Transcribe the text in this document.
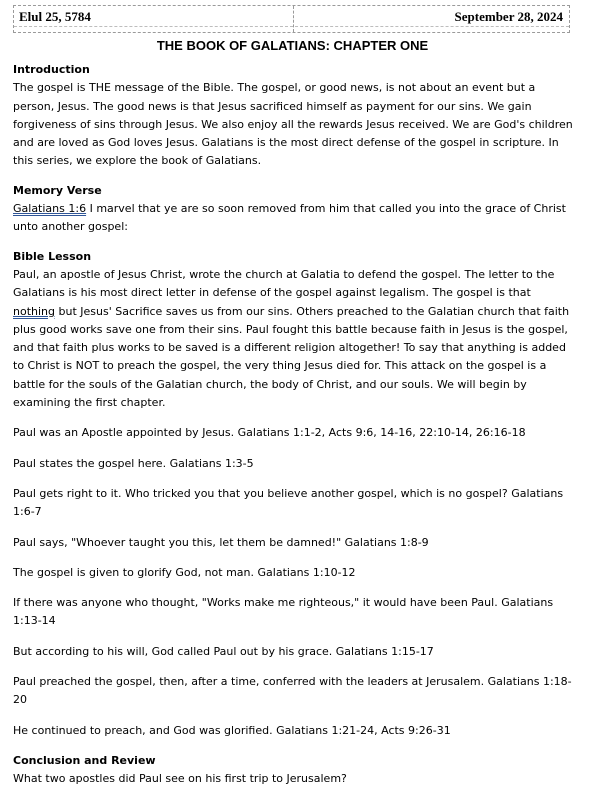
Elul 25, 5784	September 28, 2024
THE BOOK OF GALATIANS: CHAPTER ONE

Introduction

The gospel is THE message of the Bible. The gospel, or good news, is not about an event but a person, Jesus. The good news is that Jesus sacrificed himself as payment for our sins. We gain forgiveness of sins through Jesus. We also enjoy all the rewards Jesus received. We are God's children and are loved as God loves Jesus. Galatians is the most direct defense of the gospel in scripture. In this series, we explore the book of Galatians.

Memory Verse

Galatians 1:6 I marvel that ye are so soon removed from him that called you into the grace of Christ unto another gospel:

Bible Lesson

Paul, an apostle of Jesus Christ, wrote the church at Galatia to defend the gospel. The letter to the Galatians is his most direct letter in defense of the gospel against legalism. The gospel is that nothing but Jesus' Sacrifice saves us from our sins. Others preached to the Galatian church that faith plus good works save one from their sins. Paul fought this battle because faith in Jesus is the gospel, and that faith plus works to be saved is a different religion altogether! To say that anything is added to Christ is NOT to preach the gospel, the very thing Jesus died for. This attack on the gospel is a battle for the souls of the Galatian church, the body of Christ, and our souls. We will begin by examining the first chapter.

Paul was an Apostle appointed by Jesus. Galatians 1:1-2, Acts 9:6, 14-16, 22:10-14, 26:16-18

Paul states the gospel here. Galatians 1:3-5

Paul gets right to it. Who tricked you that you believe another gospel, which is no gospel? Galatians 1:6-7

Paul says, "Whoever taught you this, let them be damned!" Galatians 1:8-9

The gospel is given to glorify God, not man. Galatians 1:10-12

If there was anyone who thought, "Works make me righteous," it would have been Paul. Galatians 1:13-14

But according to his will, God called Paul out by his grace. Galatians 1:15-17

Paul preached the gospel, then, after a time, conferred with the leaders at Jerusalem. Galatians 1:18-20

He continued to preach, and God was glorified. Galatians 1:21-24, Acts 9:26-31

Conclusion and Review

What two apostles did Paul see on his first trip to Jerusalem?
